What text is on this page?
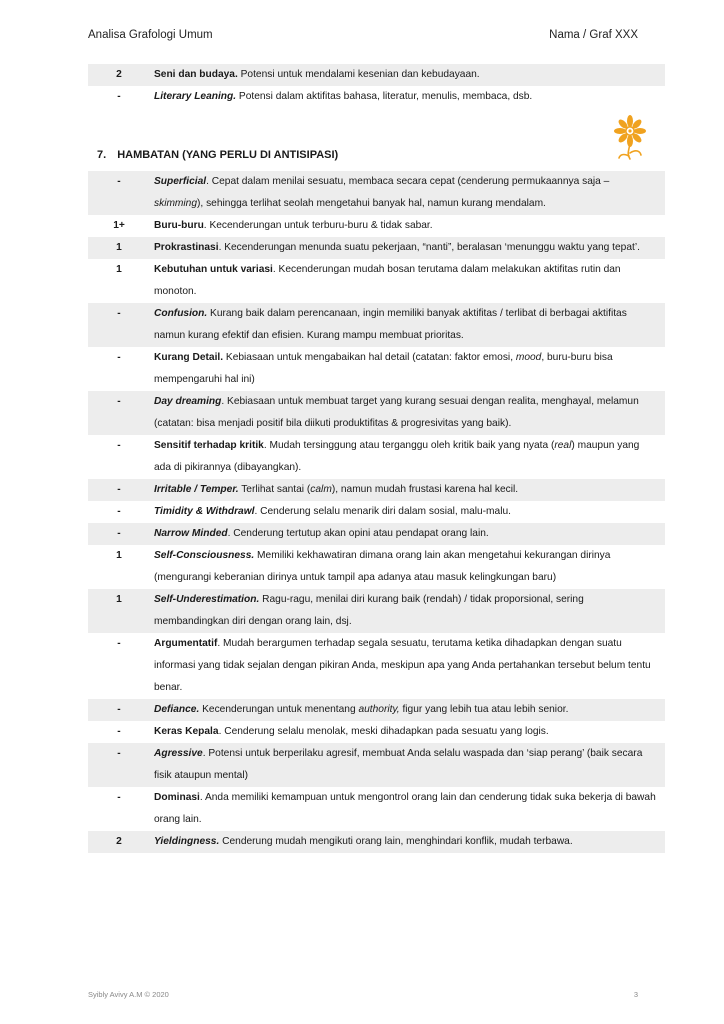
Analisa Grafologi Umum	Nama / Graf XXX
2	Seni dan budaya. Potensi untuk mendalami kesenian dan kebudayaan.
-	Literary Leaning. Potensi dalam aktifitas bahasa, literatur, menulis, membaca, dsb.
7. HAMBATAN (YANG PERLU DI ANTISIPASI)
-	Superficial. Cepat dalam menilai sesuatu, membaca secara cepat (cenderung permukaannya saja – skimming), sehingga terlihat seolah mengetahui banyak hal, namun kurang mendalam.
1+	Buru-buru. Kecenderungan untuk terburu-buru & tidak sabar.
1	Prokrastinasi. Kecenderungan menunda suatu pekerjaan, “nanti”, beralasan ‘menunggu waktu yang tepat’.
1	Kebutuhan untuk variasi. Kecenderungan mudah bosan terutama dalam melakukan aktifitas rutin dan monoton.
-	Confusion. Kurang baik dalam perencanaan, ingin memiliki banyak aktifitas / terlibat di berbagai aktifitas namun kurang efektif dan efisien. Kurang mampu membuat prioritas.
-	Kurang Detail. Kebiasaan untuk mengabaikan hal detail (catatan: faktor emosi, mood, buru-buru bisa mempengaruhi hal ini)
-	Day dreaming. Kebiasaan untuk membuat target yang kurang sesuai dengan realita, menghayal, melamun (catatan: bisa menjadi positif bila diikuti produktifitas & progresivitas yang baik).
-	Sensitif terhadap kritik. Mudah tersinggung atau terganggu oleh kritik baik yang nyata (real) maupun yang ada di pikirannya (dibayangkan).
-	Irritable / Temper. Terlihat santai (calm), namun mudah frustasi karena hal kecil.
-	Timidity & Withdrawl. Cenderung selalu menarik diri dalam sosial, malu-malu.
-	Narrow Minded. Cenderung tertutup akan opini atau pendapat orang lain.
1	Self-Consciousness. Memiliki kekhawatiran dimana orang lain akan mengetahui kekurangan dirinya (mengurangi keberanian dirinya untuk tampil apa adanya atau masuk kelingkungan baru)
1	Self-Underestimation. Ragu-ragu, menilai diri kurang baik (rendah) / tidak proporsional, sering membandingkan diri dengan orang lain, dsj.
-	Argumentatif. Mudah berargumen terhadap segala sesuatu, terutama ketika dihadapkan dengan suatu informasi yang tidak sejalan dengan pikiran Anda, meskipun apa yang Anda pertahankan tersebut belum tentu benar.
-	Defiance. Kecenderungan untuk menentang authority, figur yang lebih tua atau lebih senior.
-	Keras Kepala. Cenderung selalu menolak, meski dihadapkan pada sesuatu yang logis.
-	Agressive. Potensi untuk berperilaku agresif, membuat Anda selalu waspada dan ‘siap perang’ (baik secara fisik ataupun mental)
-	Dominasi. Anda memiliki kemampuan untuk mengontrol orang lain dan cenderung tidak suka bekerja di bawah orang lain.
2	Yieldingness. Cenderung mudah mengikuti orang lain, menghindari konflik, mudah terbawa.
Syibly Avivy A.M © 2020	3
